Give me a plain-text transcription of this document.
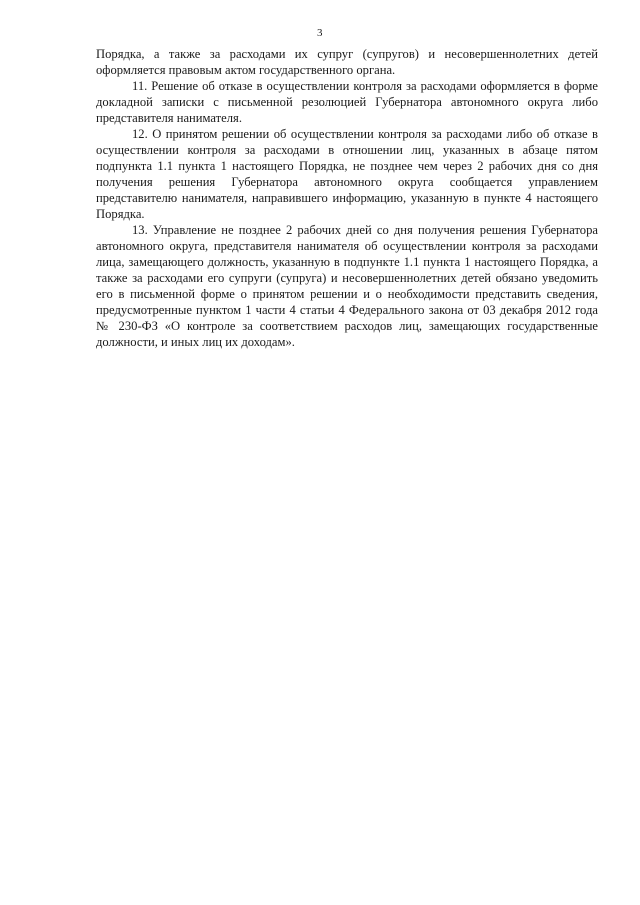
3

Порядка, а также за расходами их супруг (супругов) и несовершеннолетних детей оформляется правовым актом государственного органа.

11. Решение об отказе в осуществлении контроля за расходами оформляется в форме докладной записки с письменной резолюцией Губернатора автономного округа либо представителя нанимателя.

12. О принятом решении об осуществлении контроля за расходами либо об отказе в осуществлении контроля за расходами в отношении лиц, указанных в абзаце пятом подпункта 1.1 пункта 1 настоящего Порядка, не позднее чем через 2 рабочих дня со дня получения решения Губернатора автономного округа сообщается управлением представителю нанимателя, направившего информацию, указанную в пункте 4 настоящего Порядка.

13. Управление не позднее 2 рабочих дней со дня получения решения Губернатора автономного округа, представителя нанимателя об осуществлении контроля за расходами лица, замещающего должность, указанную в подпункте 1.1 пункта 1 настоящего Порядка, а также за расходами его супруги (супруга) и несовершеннолетних детей обязано уведомить его в письменной форме о принятом решении и о необходимости представить сведения, предусмотренные пунктом 1 части 4 статьи 4 Федерального закона от 03 декабря 2012 года № 230-ФЗ «О контроле за соответствием расходов лиц, замещающих государственные должности, и иных лиц их доходам».
